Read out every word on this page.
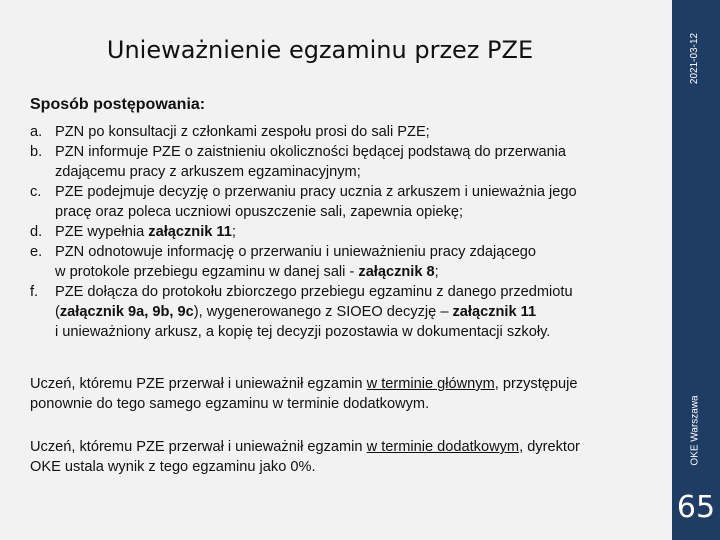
2021-03-12
OKE Warszawa
65
Unieważnienie egzaminu przez PZE
Sposób postępowania:
a. PZN po konsultacji z członkami zespołu prosi do sali PZE;
b. PZN informuje PZE o zaistnieniu okoliczności będącej podstawą do przerwania
zdającemu pracy z arkuszem egzaminacyjnym;
c. PZE podejmuje decyzję o przerwaniu pracy ucznia z arkuszem i unieważnia jego
pracę oraz poleca uczniowi opuszczenie sali, zapewnia opiekę;
d. PZE wypełnia załącznik 11;
e. PZN odnotowuje informację o przerwaniu i unieważnieniu pracy zdającego
w protokole przebiegu egzaminu w danej sali - załącznik 8;
f. PZE dołącza do protokołu zbiorczego przebiegu egzaminu z danego przedmiotu
(załącznik 9a, 9b, 9c), wygenerowanego z SIOEO decyzję – załącznik 11
i unieważniony arkusz, a kopię tej decyzji pozostawia w dokumentacji szkoły.
Uczeń, któremu PZE przerwał i unieważnił egzamin w terminie głównym, przystępuje
ponownie do tego samego egzaminu w terminie dodatkowym.
Uczeń, któremu PZE przerwał i unieważnił egzamin w terminie dodatkowym, dyrektor
OKE ustala wynik z tego egzaminu jako 0%.
